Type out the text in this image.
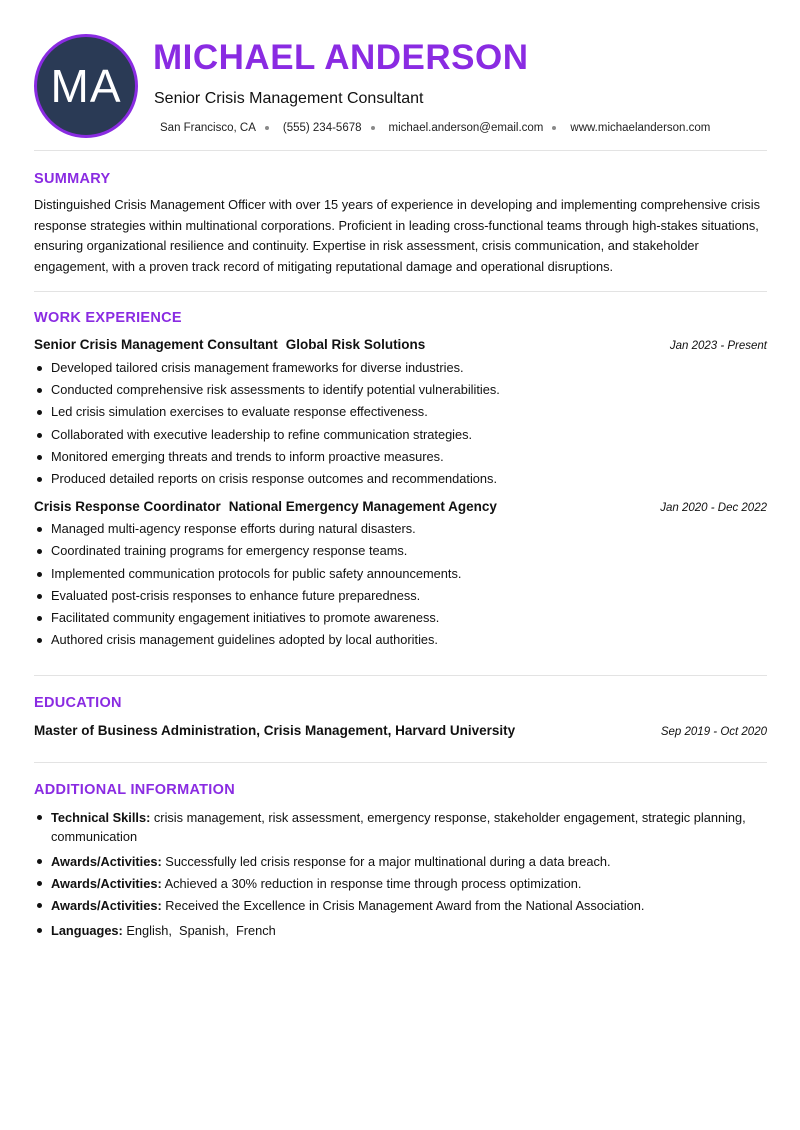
MA
MICHAEL ANDERSON
Senior Crisis Management Consultant
San Francisco, CA (555) 234-5678 michael.anderson@email.com www.michaelanderson.com
SUMMARY
Distinguished Crisis Management Officer with over 15 years of experience in developing and implementing comprehensive crisis response strategies within multinational corporations. Proficient in leading cross-functional teams through high-stakes situations, ensuring organizational resilience and continuity. Expertise in risk assessment, crisis communication, and stakeholder engagement, with a proven track record of mitigating reputational damage and operational disruptions.
WORK EXPERIENCE
Senior Crisis Management Consultant Global Risk Solutions	Jan 2023 - Present
Developed tailored crisis management frameworks for diverse industries.
Conducted comprehensive risk assessments to identify potential vulnerabilities.
Led crisis simulation exercises to evaluate response effectiveness.
Collaborated with executive leadership to refine communication strategies.
Monitored emerging threats and trends to inform proactive measures.
Produced detailed reports on crisis response outcomes and recommendations.
Crisis Response Coordinator National Emergency Management Agency	Jan 2020 - Dec 2022
Managed multi-agency response efforts during natural disasters.
Coordinated training programs for emergency response teams.
Implemented communication protocols for public safety announcements.
Evaluated post-crisis responses to enhance future preparedness.
Facilitated community engagement initiatives to promote awareness.
Authored crisis management guidelines adopted by local authorities.
EDUCATION
Master of Business Administration, Crisis Management, Harvard University	Sep 2019 - Oct 2020
ADDITIONAL INFORMATION
Technical Skills: crisis management, risk assessment, emergency response, stakeholder engagement, strategic planning, communication
Awards/Activities: Successfully led crisis response for a major multinational during a data breach.
Awards/Activities: Achieved a 30% reduction in response time through process optimization.
Awards/Activities: Received the Excellence in Crisis Management Award from the National Association.
Languages: English,  Spanish,  French
